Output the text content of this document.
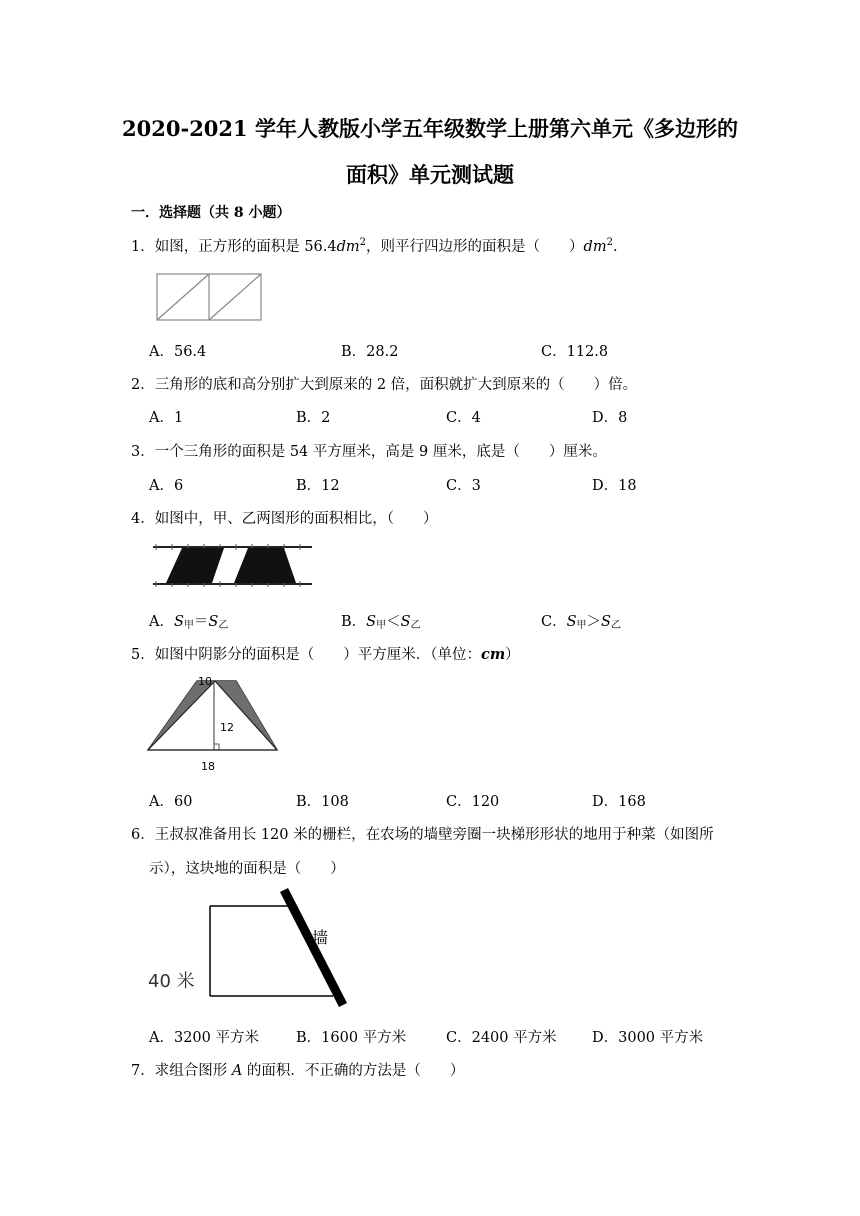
2020-2021 学年人教版小学五年级数学上册第六单元《多边形的
面积》单元测试题
一．选择题（共 8 小题）
1．如图，正方形的面积是 $56.4dm^2$，则平行四边形的面积是（　　）$dm^2$.
A．56.4	B．28.2	C．112.8
2．三角形的底和高分别扩大到原来的 2 倍，面积就扩大到原来的（　　）倍。
A．1	B．2	C．4	D．8
3．一个三角形的面积是 54 平方厘米，高是 9 厘米，底是（　　）厘米。
A．6	B．12	C．3	D．18
4．如图中，甲、乙两图形的面积相比，（　　）
A．$S_甲=S_乙$	B．$S_甲<S_乙$	C．$S_甲>S_乙$
5．如图中阴影分的面积是（　　）平方厘米．（单位：cm）
10
12
18
A．60	B．108	C．120	D．168
6．王叔叔准备用长 120 米的栅栏，在农场的墙壁旁圈一块梯形形状的地用于种菜（如图所
示），这块地的面积是（　　）
墙
40 米
A．3200 平方米	B．1600 平方米	C．2400 平方米 D．3000 平方米
7．求组合图形 A 的面积．不正确的方法是（　　）
